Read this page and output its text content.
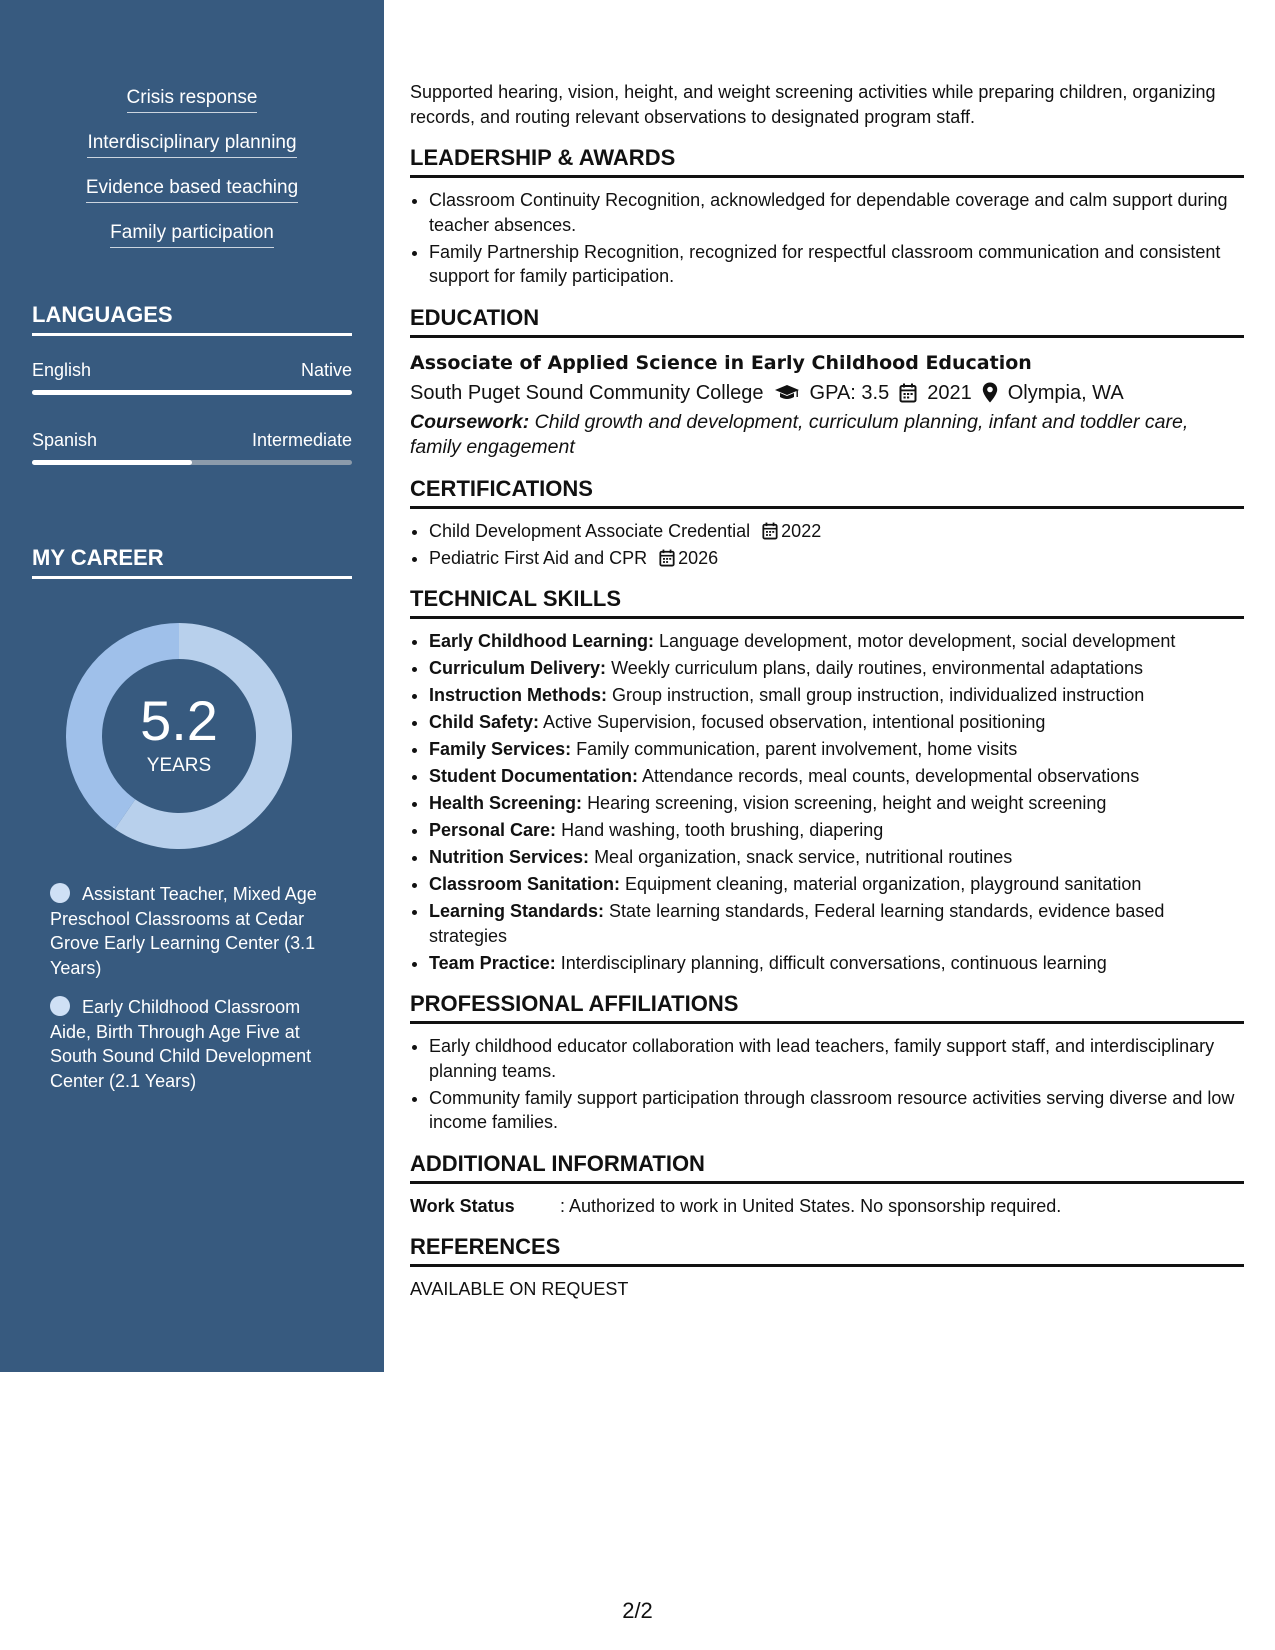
Crisis response
Interdisciplinary planning
Evidence based teaching
Family participation
LANGUAGES
English	Native
Spanish	Intermediate
MY CAREER
5.2
YEARS
Assistant Teacher, Mixed Age Preschool Classrooms at Cedar Grove Early Learning Center (3.1 Years)
Early Childhood Classroom Aide, Birth Through Age Five at South Sound Child Development Center (2.1 Years)

Supported hearing, vision, height, and weight screening activities while preparing children, organizing records, and routing relevant observations to designated program staff.

LEADERSHIP & AWARDS
• Classroom Continuity Recognition, acknowledged for dependable coverage and calm support during teacher absences.
• Family Partnership Recognition, recognized for respectful classroom communication and consistent support for family participation.
EDUCATION
Associate of Applied Science in Early Childhood Education
South Puget Sound Community College GPA: 3.5 2021 Olympia, WA
Coursework: Child growth and development, curriculum planning, infant and toddler care, family engagement
CERTIFICATIONS
• Child Development Associate Credential 2022
• Pediatric First Aid and CPR 2026
TECHNICAL SKILLS
• Early Childhood Learning: Language development, motor development, social development
• Curriculum Delivery: Weekly curriculum plans, daily routines, environmental adaptations
• Instruction Methods: Group instruction, small group instruction, individualized instruction
• Child Safety: Active Supervision, focused observation, intentional positioning
• Family Services: Family communication, parent involvement, home visits
• Student Documentation: Attendance records, meal counts, developmental observations
• Health Screening: Hearing screening, vision screening, height and weight screening
• Personal Care: Hand washing, tooth brushing, diapering
• Nutrition Services: Meal organization, snack service, nutritional routines
• Classroom Sanitation: Equipment cleaning, material organization, playground sanitation
• Learning Standards: State learning standards, Federal learning standards, evidence based strategies
• Team Practice: Interdisciplinary planning, difficult conversations, continuous learning
PROFESSIONAL AFFILIATIONS
• Early childhood educator collaboration with lead teachers, family support staff, and interdisciplinary planning teams.
• Community family support participation through classroom resource activities serving diverse and low income families.
ADDITIONAL INFORMATION
Work Status	: Authorized to work in United States. No sponsorship required.
REFERENCES

AVAILABLE ON REQUEST

2/2
